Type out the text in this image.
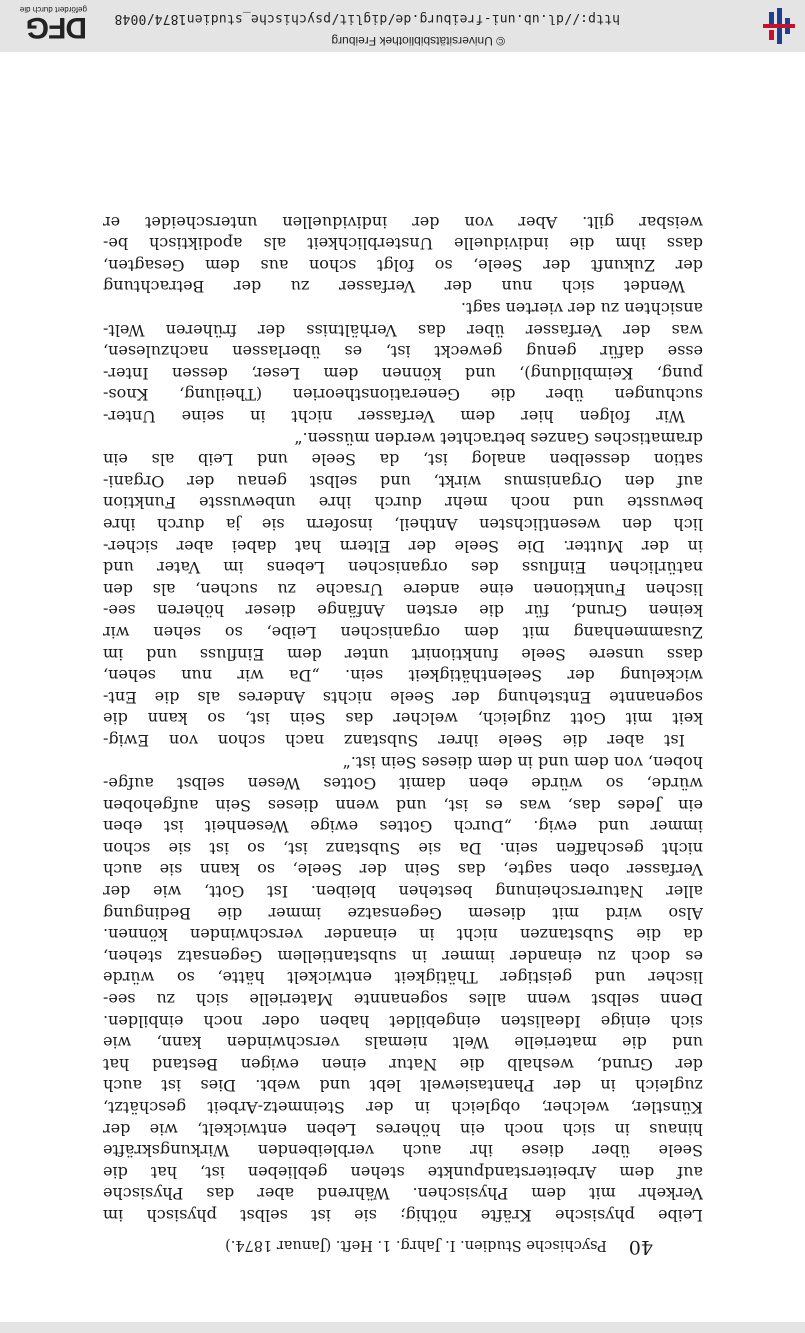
http://dl.ub.uni-freiburg.de/diglit/psychische_studien1874/0048
© Universitätsbibliothek Freiburg
DFG
gefördert durch die
40
Psychische Studien. I. Jahrg. 1. Heft. (Januar 1874.)
Leibe physische Kräfte nöthig; sie ist selbst physisch im
Verkehr mit dem Physischen. Während aber das Physische
auf dem Arbeiterstandpunkte stehen geblieben ist, hat die
Seele über diese ihr auch verbleibenden Wirkungskräfte
hinaus in sich noch ein höheres Leben entwickelt, wie der
Künstler, welcher, obgleich in der Steinmetz-Arbeit geschätzt,
zugleich in der Phantasiewelt lebt und webt. Dies ist auch
der Grund, weshalb die Natur einen ewigen Bestand hat
und die materielle Welt niemals verschwinden kann, wie
sich einige Idealisten eingebildet haben oder noch einbilden.
Denn selbst wenn alles sogenannte Materielle sich zu see-
lischer und geistiger Thätigkeit entwickelt hätte, so würde
es doch zu einander immer in substantiellem Gegensatz stehen,
da die Substanzen nicht in einander verschwinden können.
Also wird mit diesem Gegensatze immer die Bedingung
aller Naturerscheinung bestehen bleiben. Ist Gott, wie der
Verfasser oben sagte, das Sein der Seele, so kann sie auch
nicht geschaffen sein. Da sie Substanz ist, so ist sie schon
immer und ewig. „Durch Gottes ewige Wesenheit ist eben
ein Jedes das, was es ist, und wenn dieses Sein aufgehoben
würde, so würde eben damit Gottes Wesen selbst aufge-
hoben, von dem und in dem dieses Sein ist.“
Ist aber die Seele ihrer Substanz nach schon von Ewig-
keit mit Gott zugleich, welcher das Sein ist, so kann die
sogenannte Entstehung der Seele nichts Anderes als die Ent-
wickelung der Seelenthätigkeit sein. „Da wir nun sehen,
dass unsere Seele funktionirt unter dem Einfluss und im
Zusammenhang mit dem organischen Leibe, so sehen wir
keinen Grund, für die ersten Anfänge dieser höheren see-
lischen Funktionen eine andere Ursache zu suchen, als den
natürlichen Einfluss des organischen Lebens im Vater und
in der Mutter. Die Seele der Eltern hat dabei aber sicher-
lich den wesentlichsten Antheil, insofern sie ja durch ihre
bewusste und noch mehr durch ihre unbewusste Funktion
auf den Organismus wirkt, und selbst genau der Organi-
sation desselben analog ist, da Seele und Leib als ein
dramatisches Ganzes betrachtet werden müssen.“
Wir folgen hier dem Verfasser nicht in seine Unter-
suchungen über die Generationstheorien (Theilung, Knos-
pung, Keimbildung), und können dem Leser, dessen Inter-
esse dafür genug geweckt ist, es überlassen nachzulesen,
was der Verfasser über das Verhältniss der früheren Welt-
ansichten zu der vierten sagt.
Wendet sich nun der Verfasser zu der Betrachtung
der Zukunft der Seele, so folgt schon aus dem Gesagten,
dass ihm die individuelle Unsterblichkeit als apodiktisch be-
weisbar gilt. Aber von der individuellen unterscheidet er
